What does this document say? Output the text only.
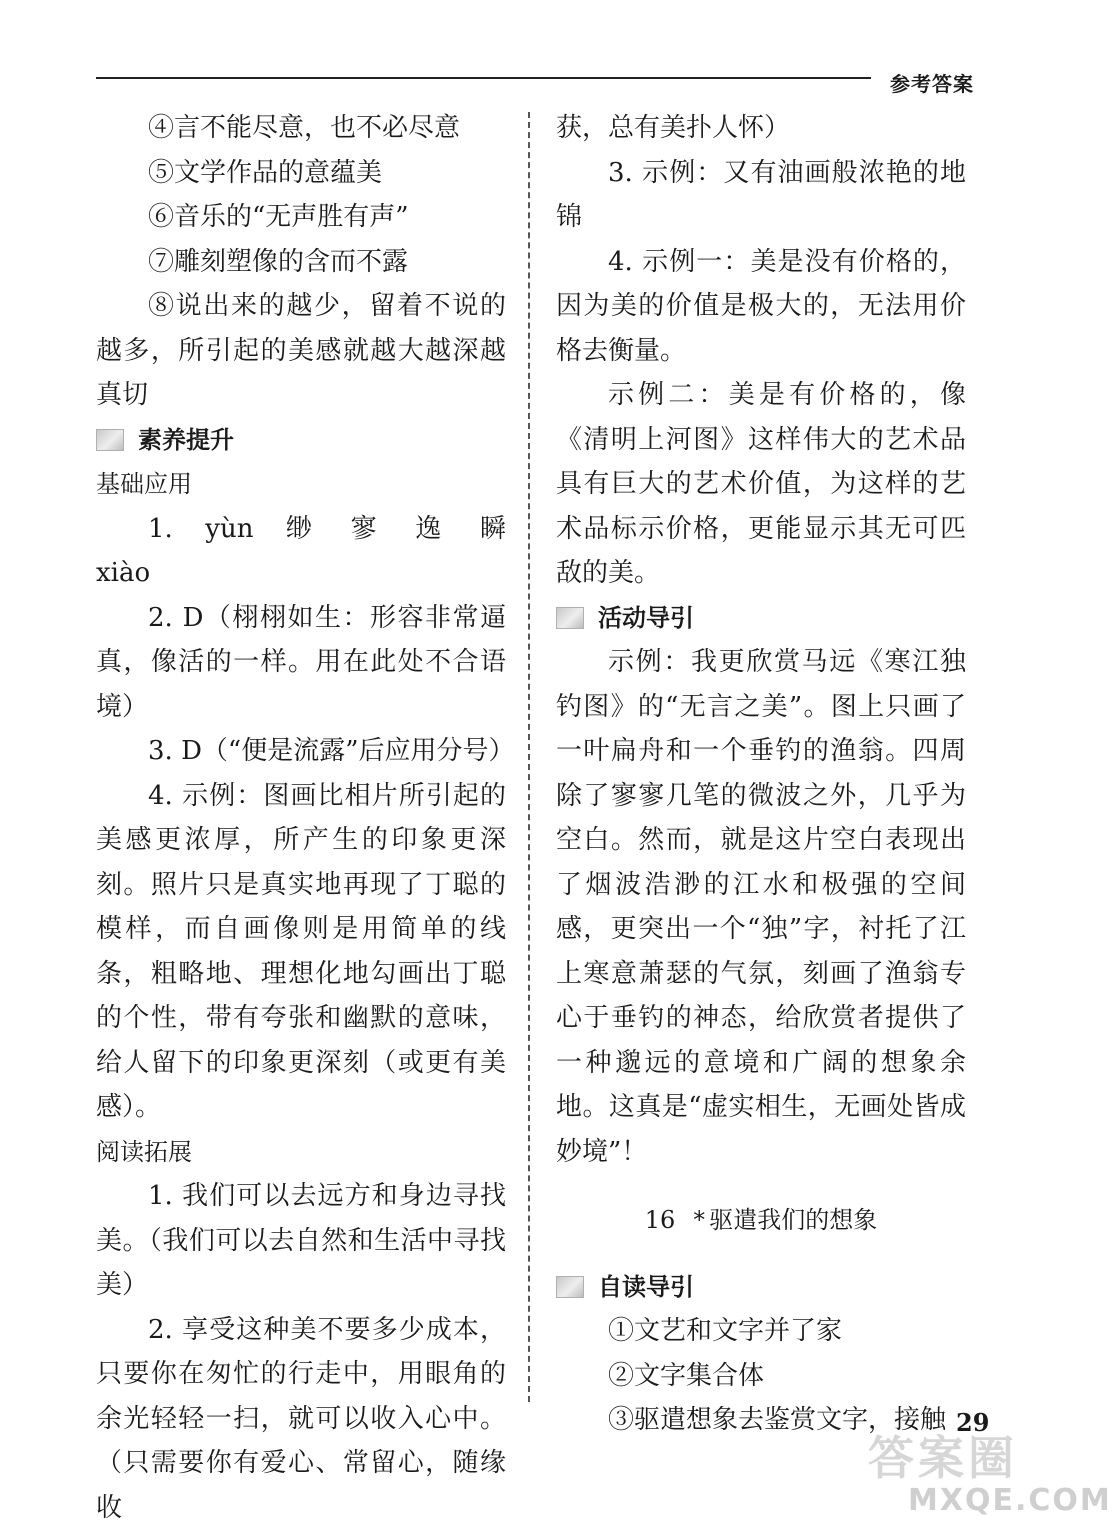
参考答案

④言不能尽意，也不必尽意

⑤文学作品的意蕴美

⑥音乐的“无声胜有声”

⑦雕刻塑像的含而不露

⑧说出来的越少，留着不说的越多，所引起的美感就越大越深越真切

素养提升

基础应用

1. yùn 缈 寥 逸 瞬 xiào

2. D（栩栩如生：形容非常逼真，像活的一样。用在此处不合语境）

3. D（“便是流露”后应用分号）

4. 示例：图画比相片所引起的美感更浓厚，所产生的印象更深刻。照片只是真实地再现了丁聪的模样，而自画像则是用简单的线条，粗略地、理想化地勾画出丁聪的个性，带有夸张和幽默的意味，给人留下的印象更深刻（或更有美感）。

阅读拓展

1. 我们可以去远方和身边寻找美。（我们可以去自然和生活中寻找美）

2. 享受这种美不要多少成本，只要你在匆忙的行走中，用眼角的余光轻轻一扫，就可以收入心中。（只需要你有爱心、常留心，随缘收

获，总有美扑人怀）

3. 示例：又有油画般浓艳的地锦

4. 示例一：美是没有价格的，因为美的价值是极大的，无法用价格去衡量。

示例二：美是有价格的，像《清明上河图》这样伟大的艺术品具有巨大的艺术价值，为这样的艺术品标示价格，更能显示其无可匹敌的美。

活动导引

示例：我更欣赏马远《寒江独钓图》的“无言之美”。图上只画了一叶扁舟和一个垂钓的渔翁。四周除了寥寥几笔的微波之外，几乎为空白。然而，就是这片空白表现出了烟波浩渺的江水和极强的空间感，更突出一个“独”字，衬托了江上寒意萧瑟的气氛，刻画了渔翁专心于垂钓的神态，给欣赏者提供了一种邈远的意境和广阔的想象余地。这真是“虚实相生，无画处皆成妙境”！

16 * 驱遣我们的想象
自读导引

①文艺和文字并了家

②文字集合体

③驱遣想象去鉴赏文字，接触 29
答案圈
MXQE.COM
